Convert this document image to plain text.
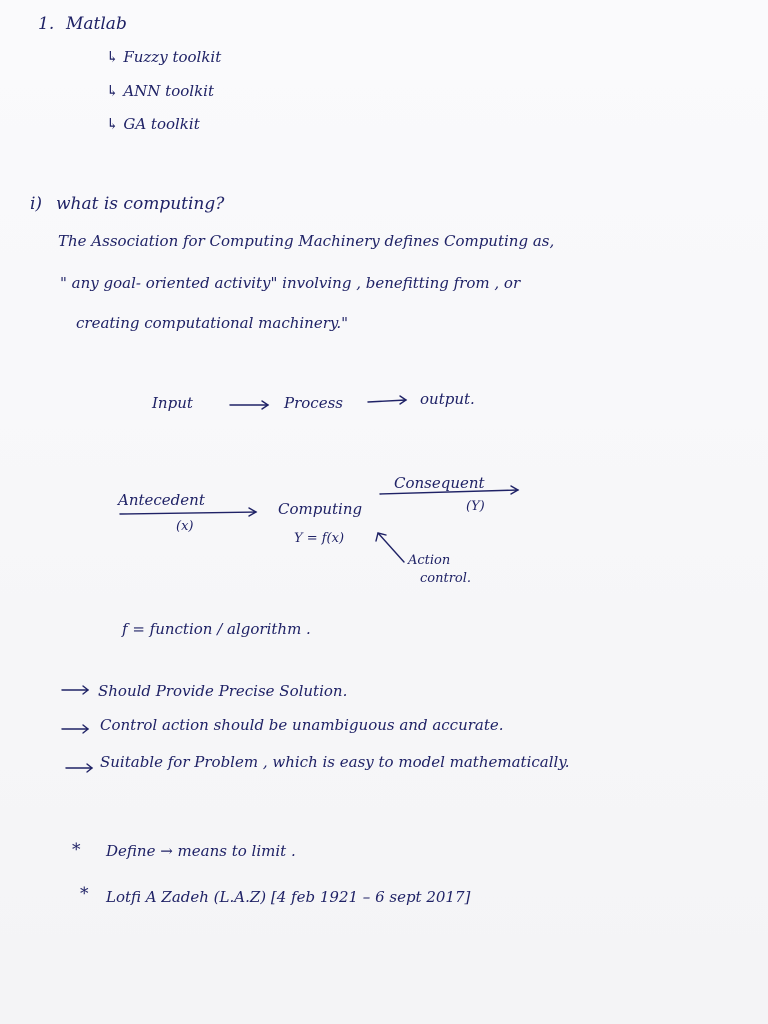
1. Matlab
↳ Fuzzy toolkit
↳ ANN toolkit
↳ GA toolkit
i) what is computing?
The Association for Computing Machinery defines Computing as,
" any goal- oriented activity" involving , benefitting from , or
creating computational machinery."
Input	Process	output.
Antecedent
(x)
Computing
Consequent
(Y)
Y = f(x)
Action
control.
f = function / algorithm .
Should Provide Precise Solution.
Control action should be unambiguous and accurate.
Suitable for Problem , which is easy to model mathematically.
* Define → means to limit .
* Lotfi A Zadeh (L.A.Z) [4 feb 1921 – 6 sept 2017]
